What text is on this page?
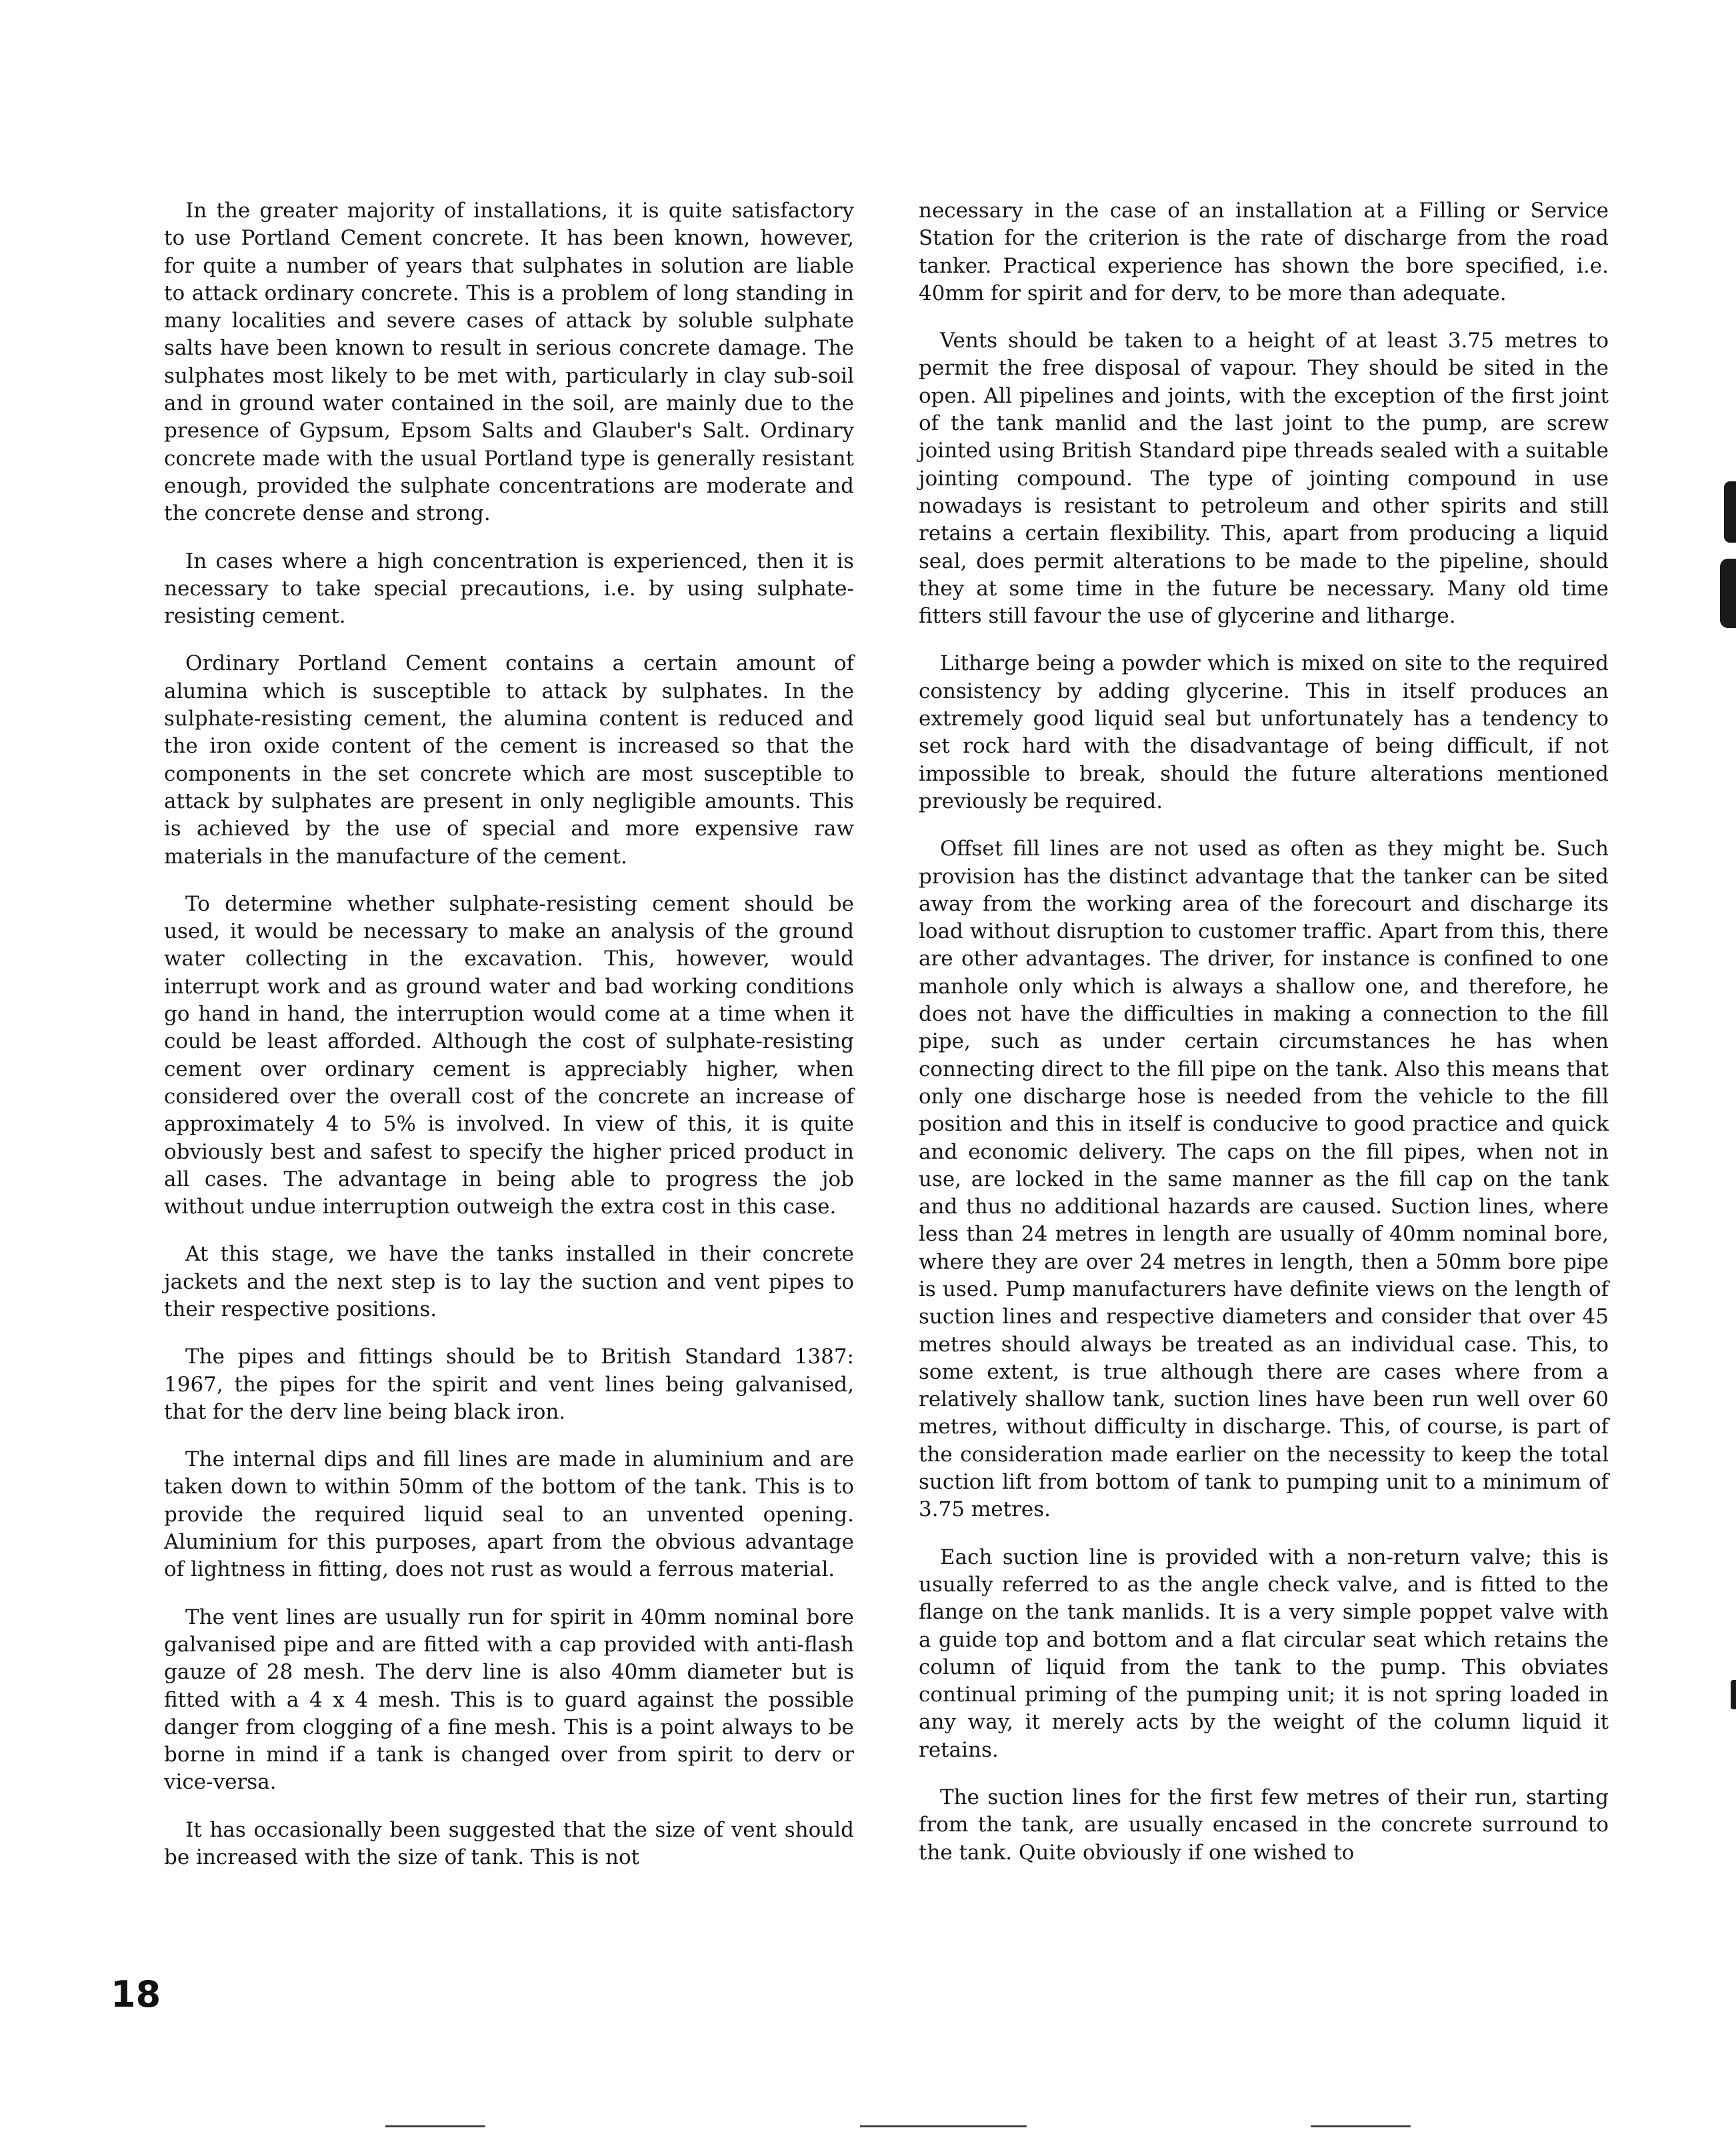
In the greater majority of installations, it is quite satisfactory to use Portland Cement concrete. It has been known, however, for quite a number of years that sulphates in solution are liable to attack ordinary concrete. This is a problem of long standing in many localities and severe cases of attack by soluble sulphate salts have been known to result in serious concrete damage. The sulphates most likely to be met with, particularly in clay sub-soil and in ground water contained in the soil, are mainly due to the presence of Gypsum, Epsom Salts and Glauber's Salt. Ordinary concrete made with the usual Portland type is generally resistant enough, provided the sulphate concentrations are moderate and the concrete dense and strong.

In cases where a high concentration is experienced, then it is necessary to take special precautions, i.e. by using sulphate-resisting cement.

Ordinary Portland Cement contains a certain amount of alumina which is susceptible to attack by sulphates. In the sulphate-resisting cement, the alumina content is reduced and the iron oxide content of the cement is increased so that the components in the set concrete which are most susceptible to attack by sulphates are present in only negligible amounts. This is achieved by the use of special and more expensive raw materials in the manufacture of the cement.

To determine whether sulphate-resisting cement should be used, it would be necessary to make an analysis of the ground water collecting in the excavation. This, however, would interrupt work and as ground water and bad working conditions go hand in hand, the interruption would come at a time when it could be least afforded. Although the cost of sulphate-resisting cement over ordinary cement is appreciably higher, when considered over the overall cost of the concrete an increase of approximately 4 to 5% is involved. In view of this, it is quite obviously best and safest to specify the higher priced product in all cases. The advantage in being able to progress the job without undue interruption outweigh the extra cost in this case.

At this stage, we have the tanks installed in their concrete jackets and the next step is to lay the suction and vent pipes to their respective positions.

The pipes and fittings should be to British Standard 1387: 1967, the pipes for the spirit and vent lines being galvanised, that for the derv line being black iron.

The internal dips and fill lines are made in aluminium and are taken down to within 50mm of the bottom of the tank. This is to provide the required liquid seal to an unvented opening. Aluminium for this purposes, apart from the obvious advantage of lightness in fitting, does not rust as would a ferrous material.

The vent lines are usually run for spirit in 40mm nominal bore galvanised pipe and are fitted with a cap provided with anti-flash gauze of 28 mesh. The derv line is also 40mm diameter but is fitted with a 4 x 4 mesh. This is to guard against the possible danger from clogging of a fine mesh. This is a point always to be borne in mind if a tank is changed over from spirit to derv or vice-versa.

It has occasionally been suggested that the size of vent should be increased with the size of tank. This is not

necessary in the case of an installation at a Filling or Service Station for the criterion is the rate of discharge from the road tanker. Practical experience has shown the bore specified, i.e. 40mm for spirit and for derv, to be more than adequate.

Vents should be taken to a height of at least 3.75 metres to permit the free disposal of vapour. They should be sited in the open. All pipelines and joints, with the exception of the first joint of the tank manlid and the last joint to the pump, are screw jointed using British Standard pipe threads sealed with a suitable jointing compound. The type of jointing compound in use nowadays is resistant to petroleum and other spirits and still retains a certain flexibility. This, apart from producing a liquid seal, does permit alterations to be made to the pipeline, should they at some time in the future be necessary. Many old time fitters still favour the use of glycerine and litharge.

Litharge being a powder which is mixed on site to the required consistency by adding glycerine. This in itself produces an extremely good liquid seal but unfortunately has a tendency to set rock hard with the disadvantage of being difficult, if not impossible to break, should the future alterations mentioned previously be required.

Offset fill lines are not used as often as they might be. Such provision has the distinct advantage that the tanker can be sited away from the working area of the forecourt and discharge its load without disruption to customer traffic. Apart from this, there are other advantages. The driver, for instance is confined to one manhole only which is always a shallow one, and therefore, he does not have the difficulties in making a connection to the fill pipe, such as under certain circumstances he has when connecting direct to the fill pipe on the tank. Also this means that only one discharge hose is needed from the vehicle to the fill position and this in itself is conducive to good practice and quick and economic delivery. The caps on the fill pipes, when not in use, are locked in the same manner as the fill cap on the tank and thus no additional hazards are caused. Suction lines, where less than 24 metres in length are usually of 40mm nominal bore, where they are over 24 metres in length, then a 50mm bore pipe is used. Pump manufacturers have definite views on the length of suction lines and respective diameters and consider that over 45 metres should always be treated as an individual case. This, to some extent, is true although there are cases where from a relatively shallow tank, suction lines have been run well over 60 metres, without difficulty in discharge. This, of course, is part of the consideration made earlier on the necessity to keep the total suction lift from bottom of tank to pumping unit to a minimum of 3.75 metres.

Each suction line is provided with a non-return valve; this is usually referred to as the angle check valve, and is fitted to the flange on the tank manlids. It is a very simple poppet valve with a guide top and bottom and a flat circular seat which retains the column of liquid from the tank to the pump. This obviates continual priming of the pumping unit; it is not spring loaded in any way, it merely acts by the weight of the column liquid it retains.

The suction lines for the first few metres of their run, starting from the tank, are usually encased in the concrete surround to the tank. Quite obviously if one wished to

18
